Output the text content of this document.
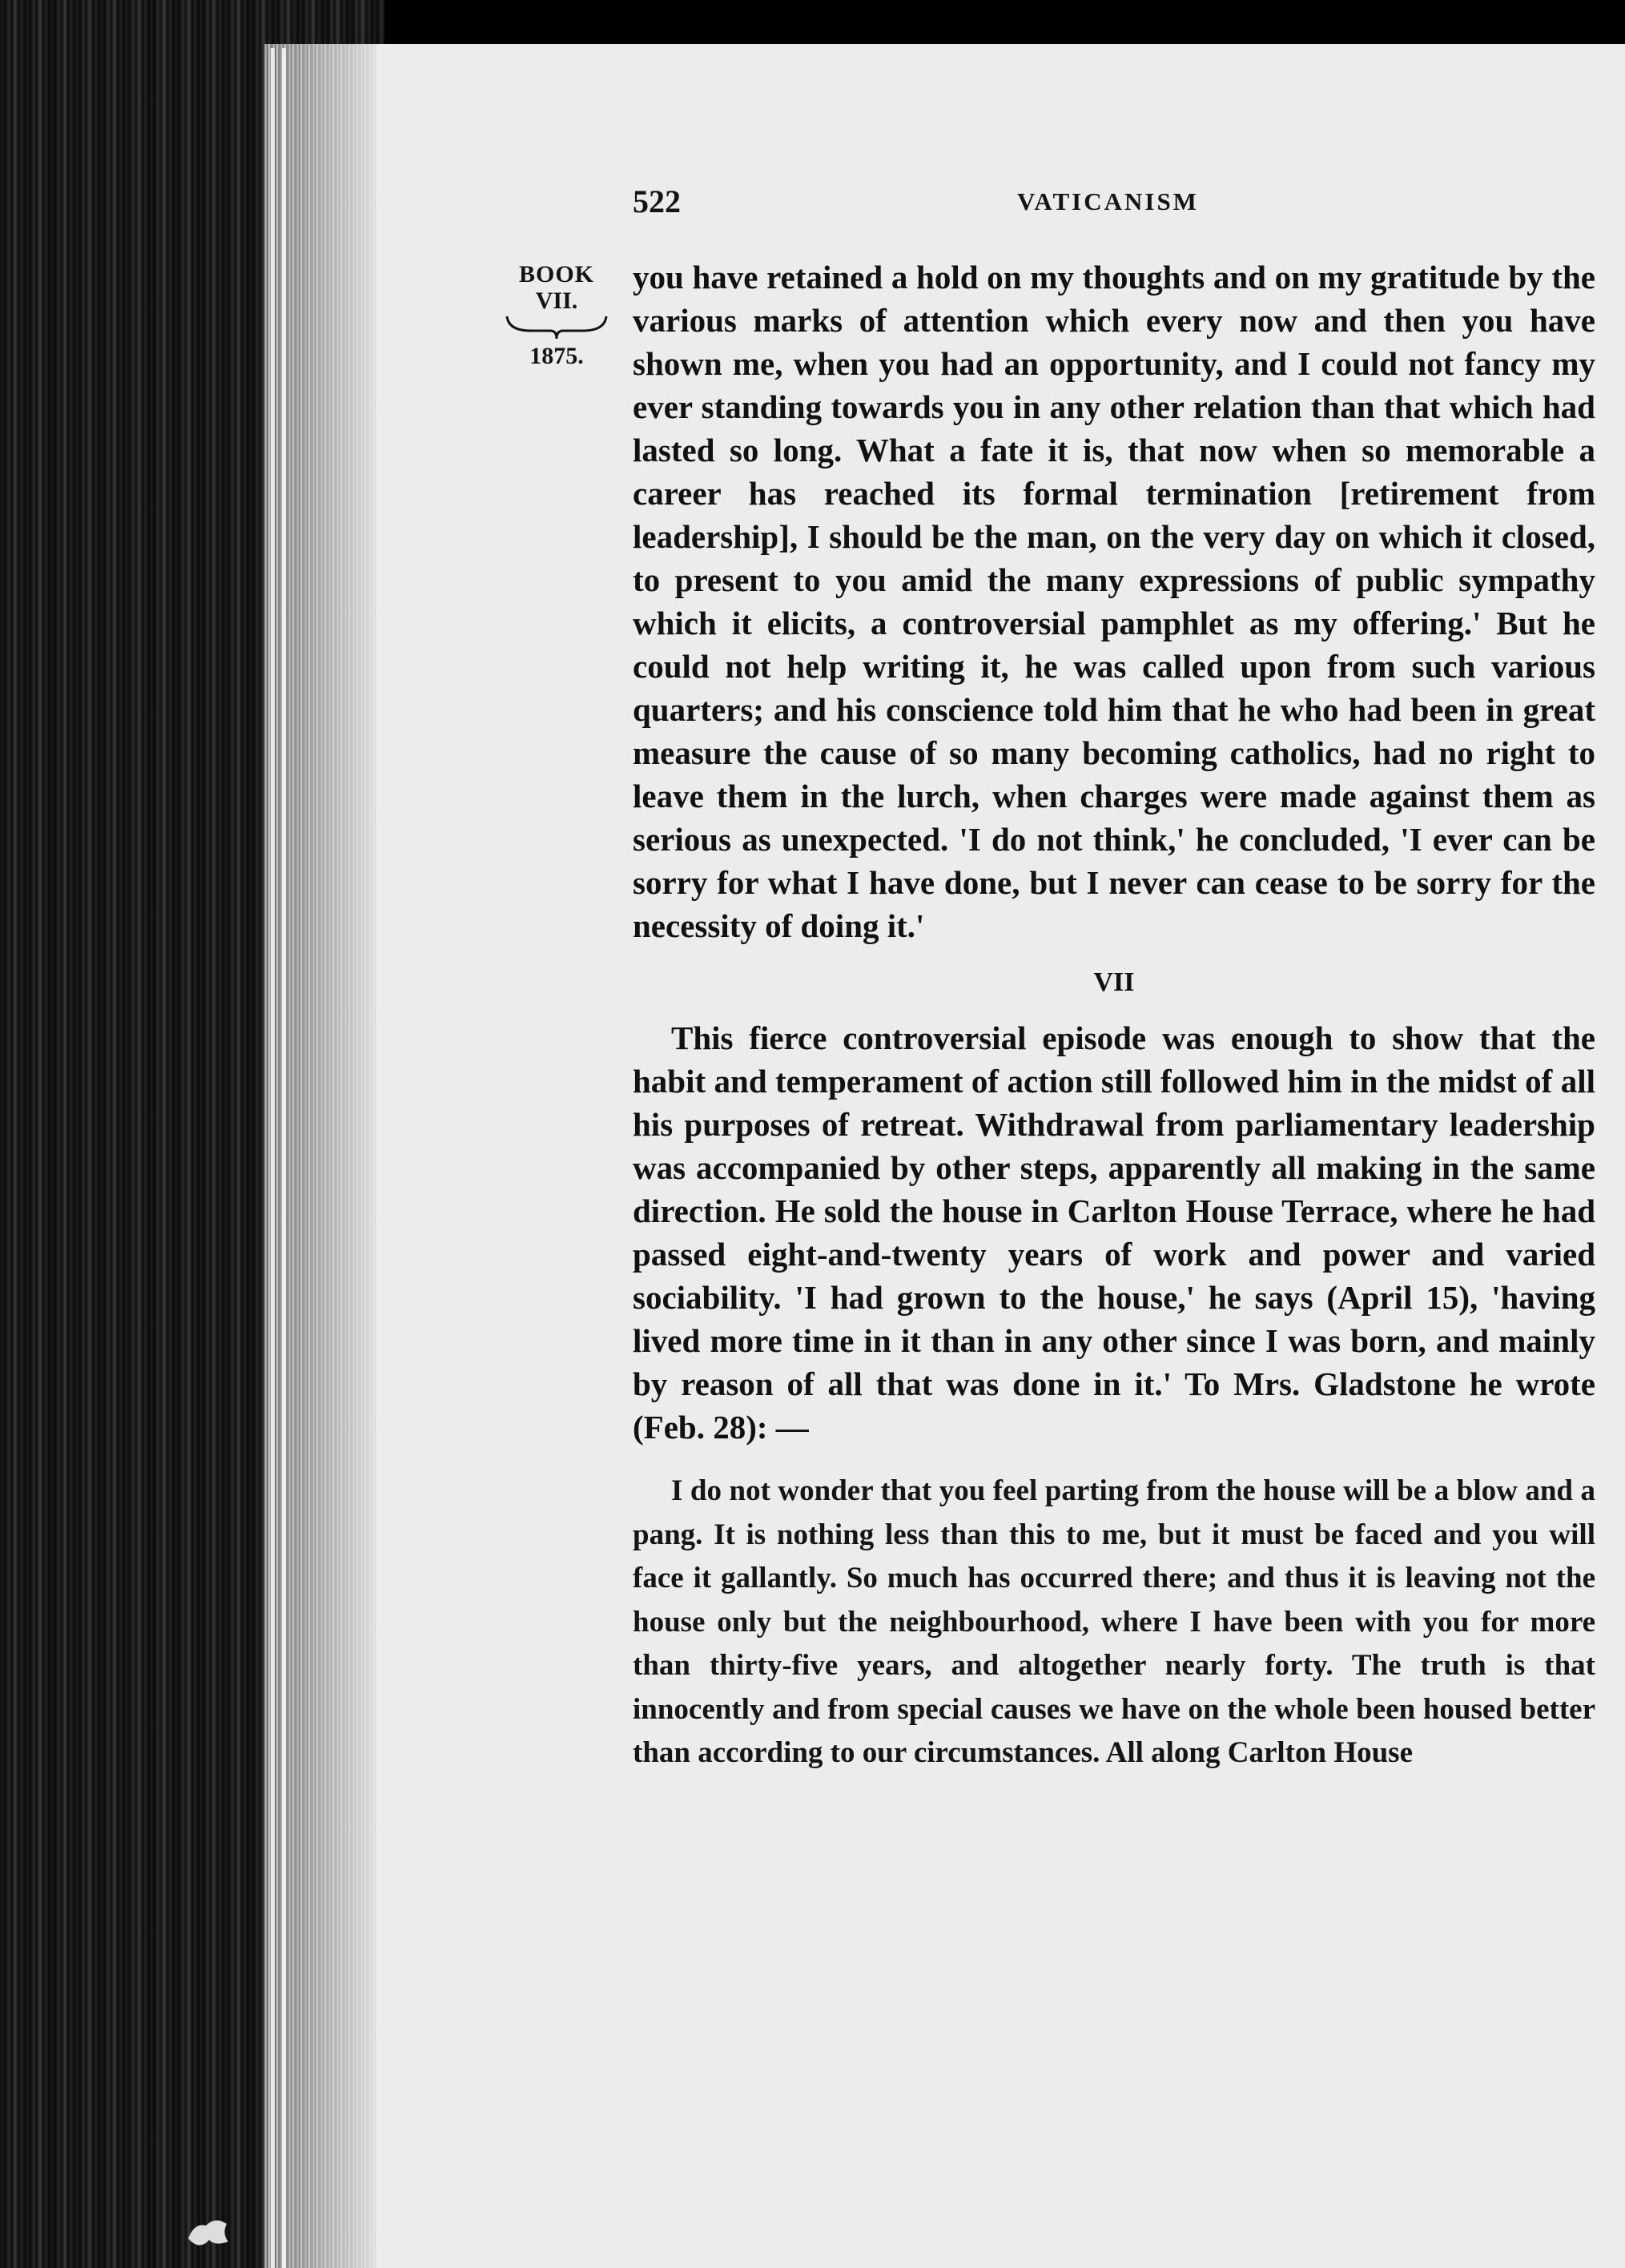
522	VATICANISM
BOOK
VII.
1875.

you have retained a hold on my thoughts and on my gratitude by the various marks of attention which every now and then you have shown me, when you had an opportunity, and I could not fancy my ever standing towards you in any other relation than that which had lasted so long. What a fate it is, that now when so memorable a career has reached its formal termination [retirement from leadership], I should be the man, on the very day on which it closed, to present to you amid the many expressions of public sympathy which it elicits, a controversial pamphlet as my offering.' But he could not help writing it, he was called upon from such various quarters; and his conscience told him that he who had been in great measure the cause of so many becoming catholics, had no right to leave them in the lurch, when charges were made against them as serious as unexpected. 'I do not think,' he concluded, 'I ever can be sorry for what I have done, but I never can cease to be sorry for the necessity of doing it.'

VII

This fierce controversial episode was enough to show that the habit and temperament of action still followed him in the midst of all his purposes of retreat. Withdrawal from parliamentary leadership was accompanied by other steps, apparently all making in the same direction. He sold the house in Carlton House Terrace, where he had passed eight-and-twenty years of work and power and varied sociability. 'I had grown to the house,' he says (April 15), 'having lived more time in it than in any other since I was born, and mainly by reason of all that was done in it.' To Mrs. Gladstone he wrote (Feb. 28): —

I do not wonder that you feel parting from the house will be a blow and a pang. It is nothing less than this to me, but it must be faced and you will face it gallantly. So much has occurred there; and thus it is leaving not the house only but the neighbourhood, where I have been with you for more than thirty-five years, and altogether nearly forty. The truth is that innocently and from special causes we have on the whole been housed better than according to our circumstances. All along Carlton House
